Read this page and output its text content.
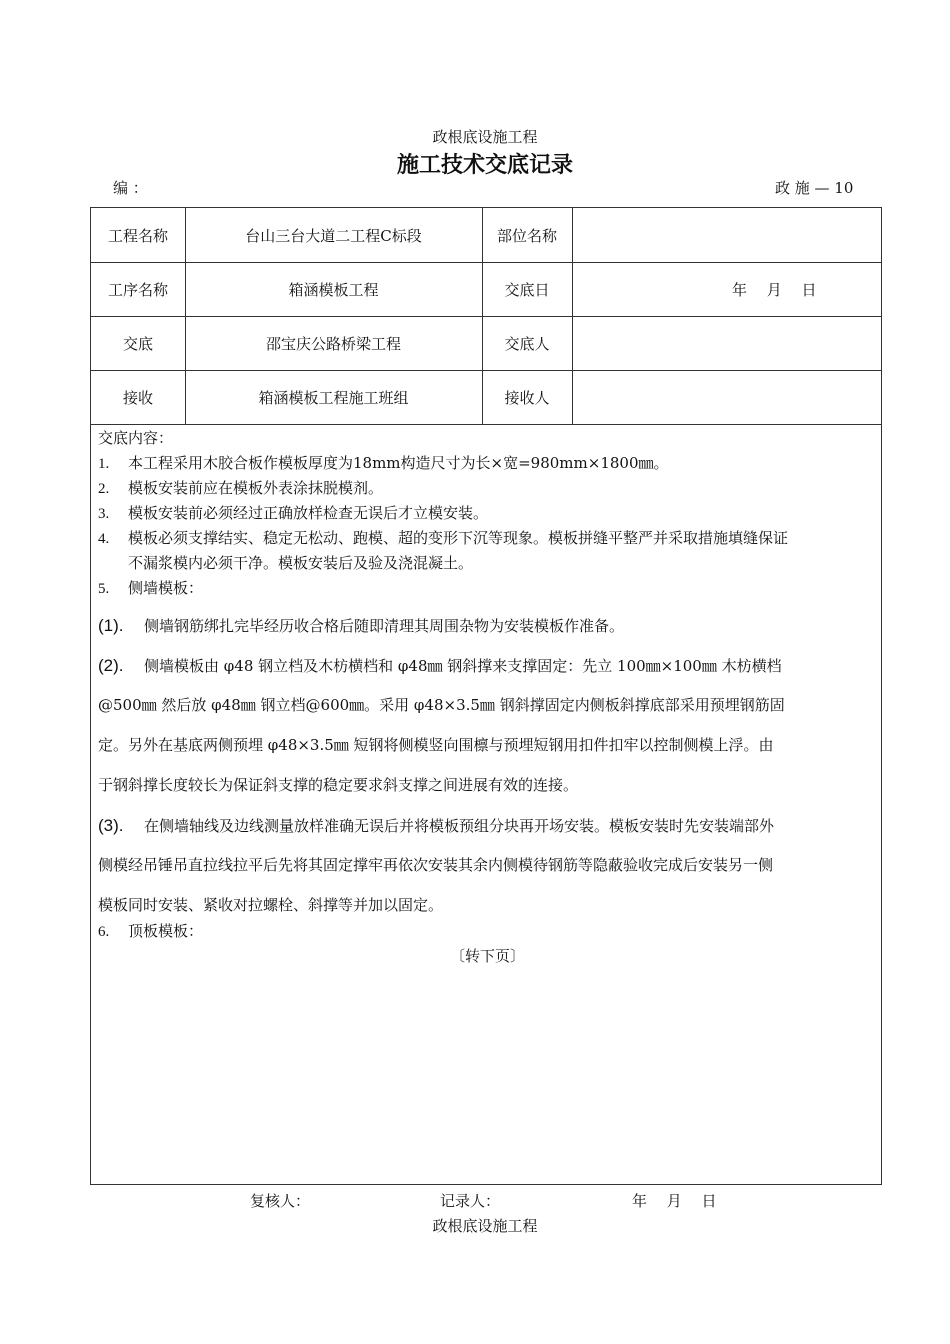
政根底设施工程
施工技术交底记录
编 ：	政 施 — 10
工程名称	台山三台大道二工程C标段	部位名称
工序名称	箱涵模板工程	交底日	年　 月　 日
交底	邵宝庆公路桥梁工程	交底人
接收	箱涵模板工程施工班组	接收人
交底内容：
1. 本工程采用木胶合板作模板厚度为18mm构造尺寸为长×宽=980mm×1800㎜。
2. 模板安装前应在模板外表涂抹脱模剂。
3. 模板安装前必须经过正确放样检查无误后才立模安装。
4. 模板必须支撑结实、稳定无松动、跑模、超的变形下沉等现象。模板拼缝平整严并采取措施填缝保证
不漏浆模内必须干净。模板安装后及验及浇混凝土。
5. 侧墙模板：
(1). 侧墙钢筋绑扎完毕经历收合格后随即清理其周围杂物为安装模板作准备。
(2). 侧墙模板由 φ48 钢立档及木枋横档和 φ48㎜ 钢斜撑来支撑固定：先立 100㎜×100㎜ 木枋横档
@500㎜ 然后放 φ48㎜ 钢立档@600㎜。采用 φ48×3.5㎜ 钢斜撑固定内侧板斜撑底部采用预埋钢筋固
定。另外在基底两侧预埋 φ48×3.5㎜ 短钢将侧模竖向围檩与预埋短钢用扣件扣牢以控制侧模上浮。由
于钢斜撑长度较长为保证斜支撑的稳定要求斜支撑之间进展有效的连接。
(3). 在侧墙轴线及边线测量放样准确无误后并将模板预组分块再开场安装。模板安装时先安装端部外
侧模经吊锤吊直拉线拉平后先将其固定撑牢再依次安装其余内侧模待钢筋等隐蔽验收完成后安装另一侧
模板同时安装、紧收对拉螺栓、斜撑等并加以固定。
6. 顶板模板：
〔转下页〕
复核人：	记录人：	年　 月　 日
政根底设施工程
